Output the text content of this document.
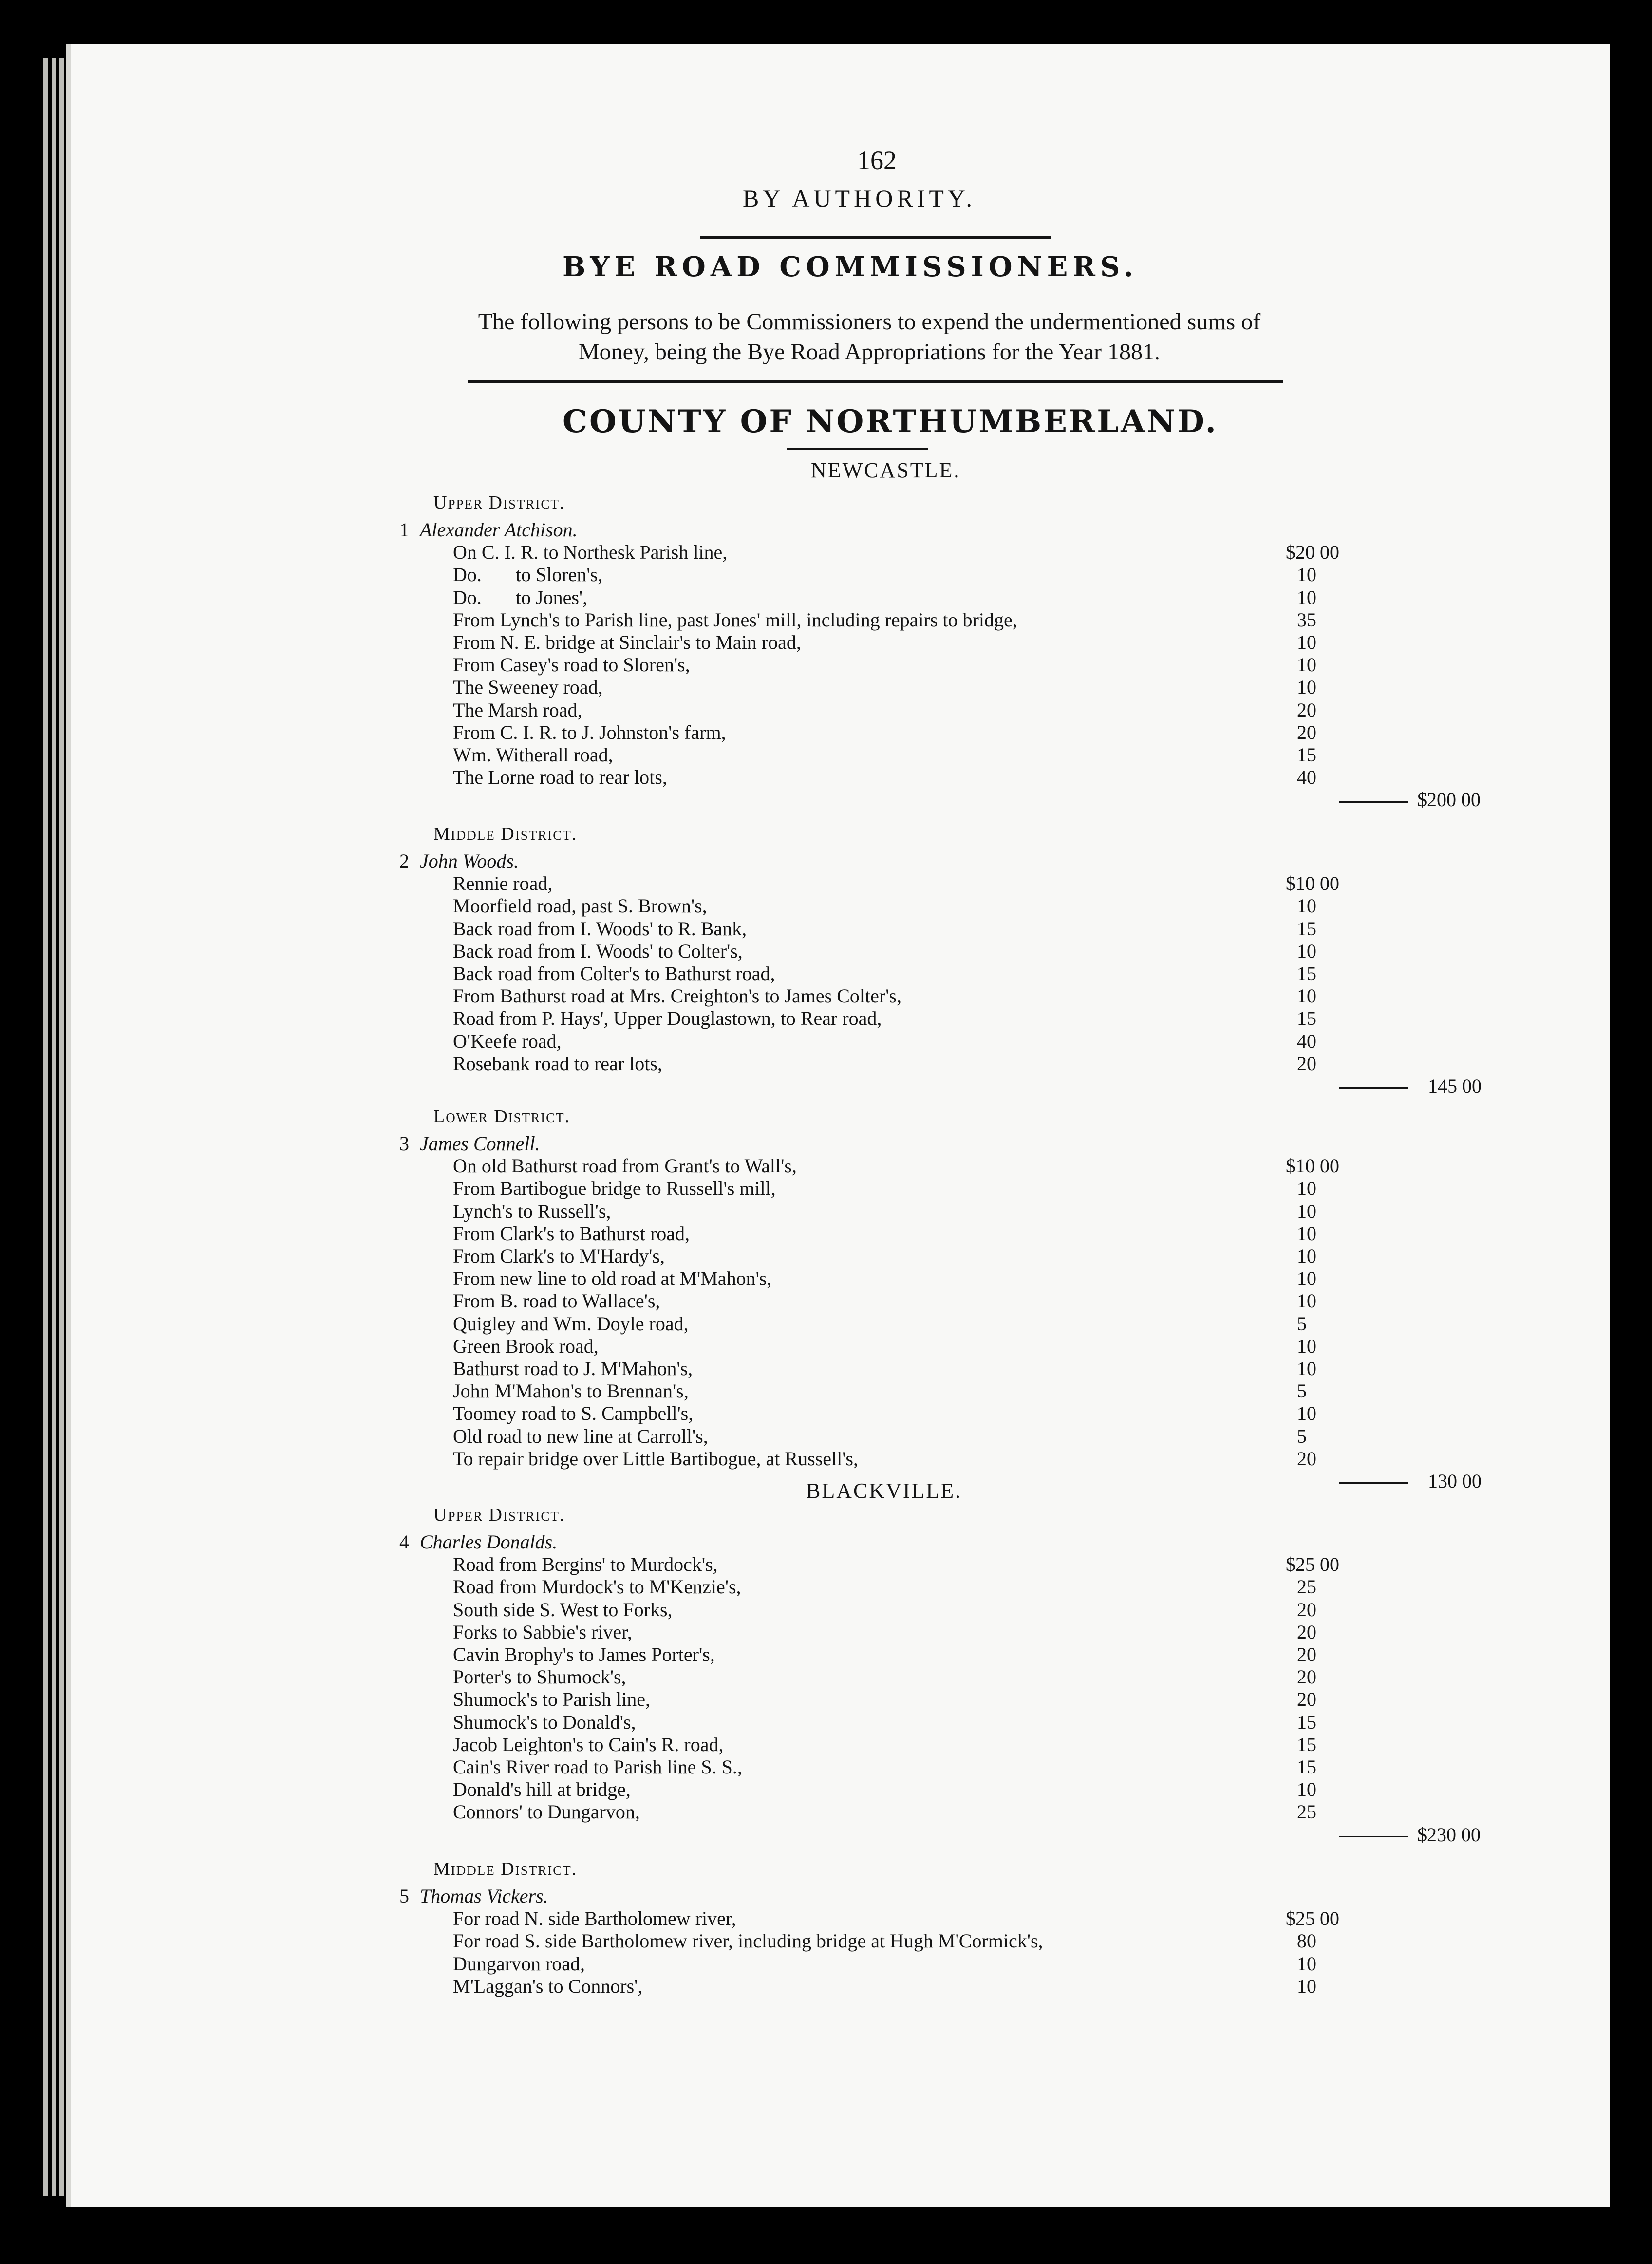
162
BY AUTHORITY.
BYE ROAD COMMISSIONERS.
The following persons to be Commissioners to expend the undermentioned sums of
Money, being the Bye Road Appropriations for the Year 1881.
COUNTY OF NORTHUMBERLAND.
NEWCASTLE.
Upper District.
Middle District.
Lower District.
BLACKVILLE.
Upper District.
Middle District.
1 Alexander Atchison.
On C. I. R. to Northesk Parish line,	$20 00
Do.       to Sloren's,	10
Do.       to Jones',	10
From Lynch's to Parish line, past Jones' mill, including repairs to bridge,	35
From N. E. bridge at Sinclair's to Main road,	10
From Casey's road to Sloren's,	10
The Sweeney road,	10
The Marsh road,	20
From C. I. R. to J. Johnston's farm,	20
Wm. Witherall road,	15
The Lorne road to rear lots,	40
$200 00
2 John Woods.
Rennie road,	$10 00
Moorfield road, past S. Brown's,	10
Back road from I. Woods' to R. Bank,	15
Back road from I. Woods' to Colter's,	10
Back road from Colter's to Bathurst road,	15
From Bathurst road at Mrs. Creighton's to James Colter's,	10
Road from P. Hays', Upper Douglastown, to Rear road,	15
O'Keefe road,	40
Rosebank road to rear lots,	20
145 00
3 James Connell.
On old Bathurst road from Grant's to Wall's,	$10 00
From Bartibogue bridge to Russell's mill,	10
Lynch's to Russell's,	10
From Clark's to Bathurst road,	10
From Clark's to M'Hardy's,	10
From new line to old road at M'Mahon's,	10
From B. road to Wallace's,	10
Quigley and Wm. Doyle road,	5
Green Brook road,	10
Bathurst road to J. M'Mahon's,	10
John M'Mahon's to Brennan's,	5
Toomey road to S. Campbell's,	10
Old road to new line at Carroll's,	5
To repair bridge over Little Bartibogue, at Russell's,	20
130 00
4 Charles Donalds.
Road from Bergins' to Murdock's,	$25 00
Road from Murdock's to M'Kenzie's,	25
South side S. West to Forks,	20
Forks to Sabbie's river,	20
Cavin Brophy's to James Porter's,	20
Porter's to Shumock's,	20
Shumock's to Parish line,	20
Shumock's to Donald's,	15
Jacob Leighton's to Cain's R. road,	15
Cain's River road to Parish line S. S.,	15
Donald's hill at bridge,	10
Connors' to Dungarvon,	25
$230 00
5 Thomas Vickers.
For road N. side Bartholomew river,	$25 00
For road S. side Bartholomew river, including bridge at Hugh M'Cormick's,	80
Dungarvon road,	10
M'Laggan's to Connors',	10
